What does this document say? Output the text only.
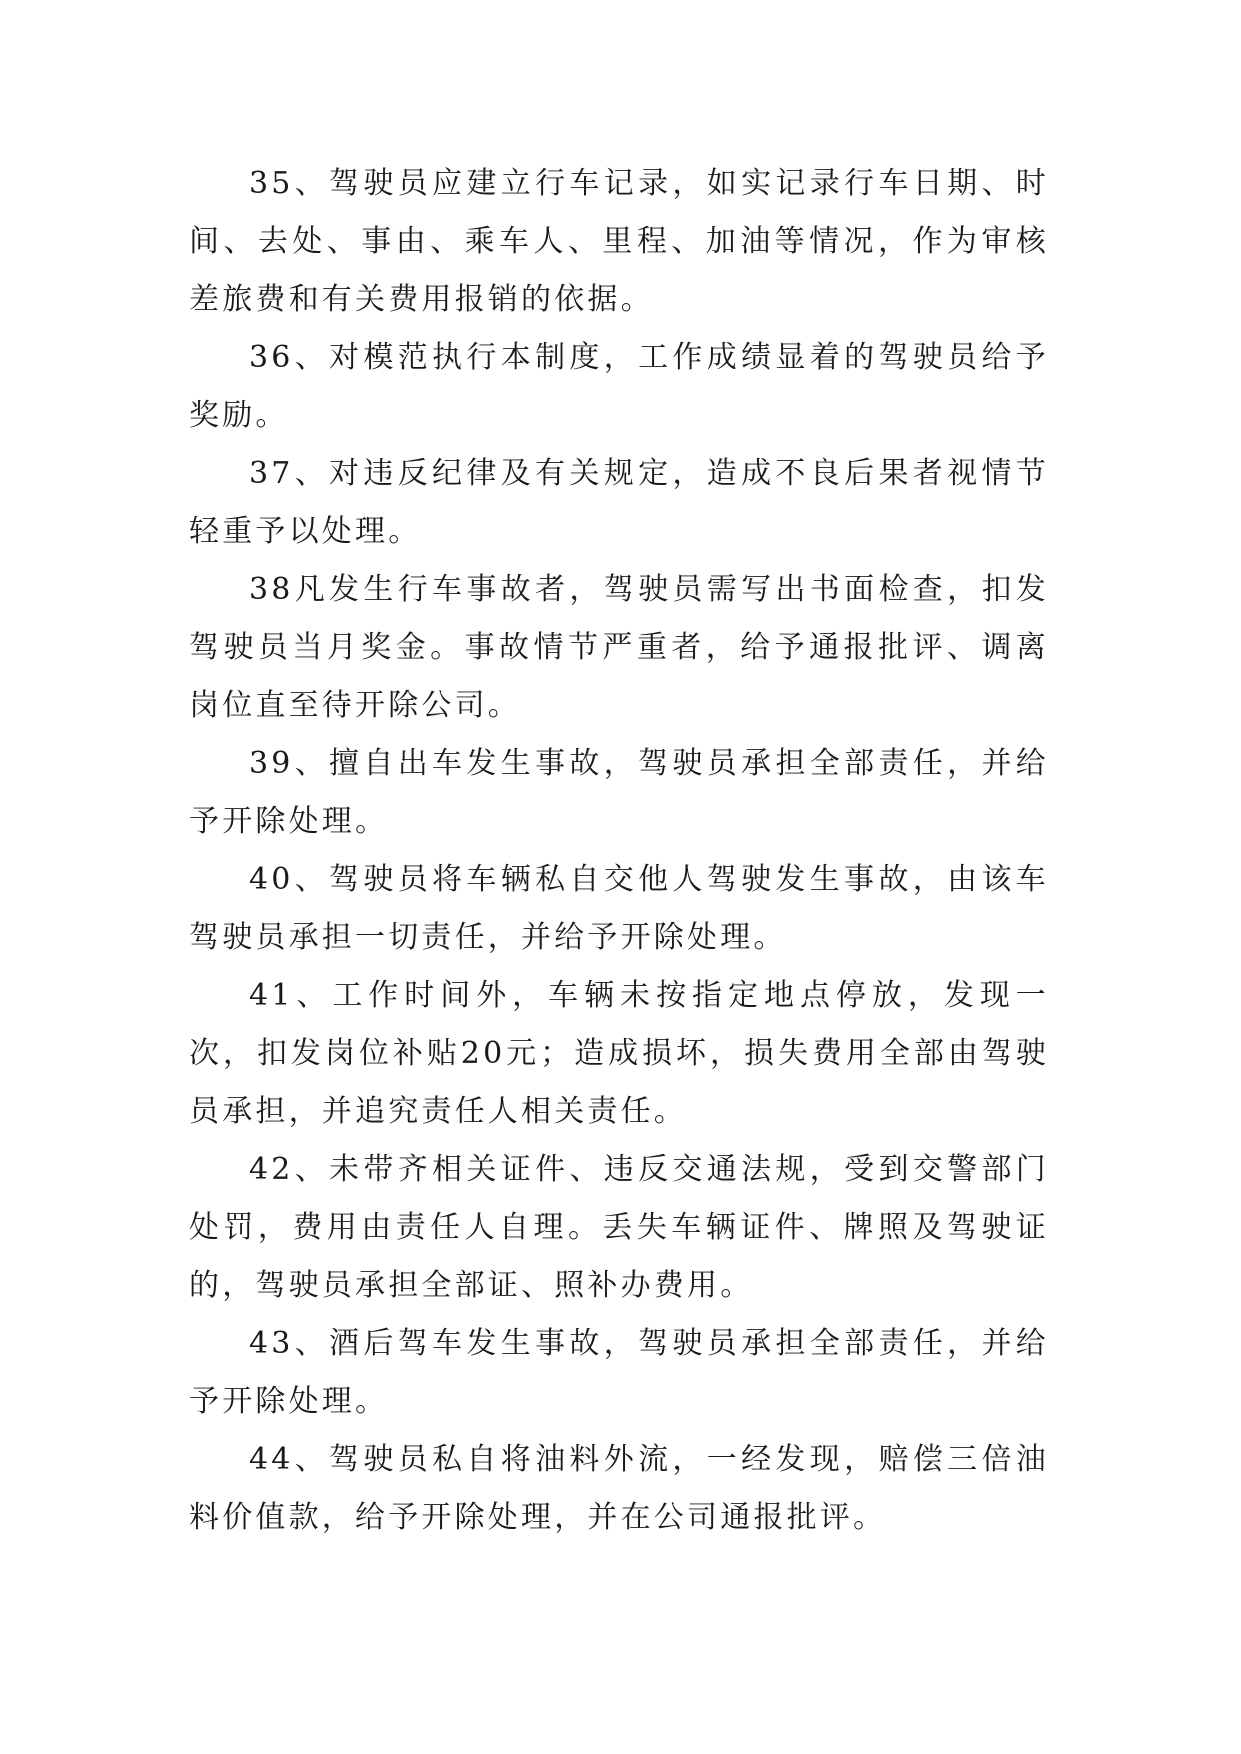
35、驾驶员应建立行车记录，如实记录行车日期、时间、去处、事由、乘车人、里程、加油等情况，作为审核差旅费和有关费用报销的依据。

36、对模范执行本制度，工作成绩显着的驾驶员给予奖励。

37、对违反纪律及有关规定，造成不良后果者视情节轻重予以处理。

38凡发生行车事故者，驾驶员需写出书面检查，扣发驾驶员当月奖金。事故情节严重者，给予通报批评、调离岗位直至待开除公司。

39、擅自出车发生事故，驾驶员承担全部责任，并给予开除处理。

40、驾驶员将车辆私自交他人驾驶发生事故，由该车驾驶员承担一切责任，并给予开除处理。

41、工作时间外，车辆未按指定地点停放，发现一次，扣发岗位补贴20元；造成损坏，损失费用全部由驾驶员承担，并追究责任人相关责任。

42、未带齐相关证件、违反交通法规，受到交警部门处罚，费用由责任人自理。丢失车辆证件、牌照及驾驶证的，驾驶员承担全部证、照补办费用。

43、酒后驾车发生事故，驾驶员承担全部责任，并给予开除处理。

44、驾驶员私自将油料外流，一经发现，赔偿三倍油料价值款，给予开除处理，并在公司通报批评。
